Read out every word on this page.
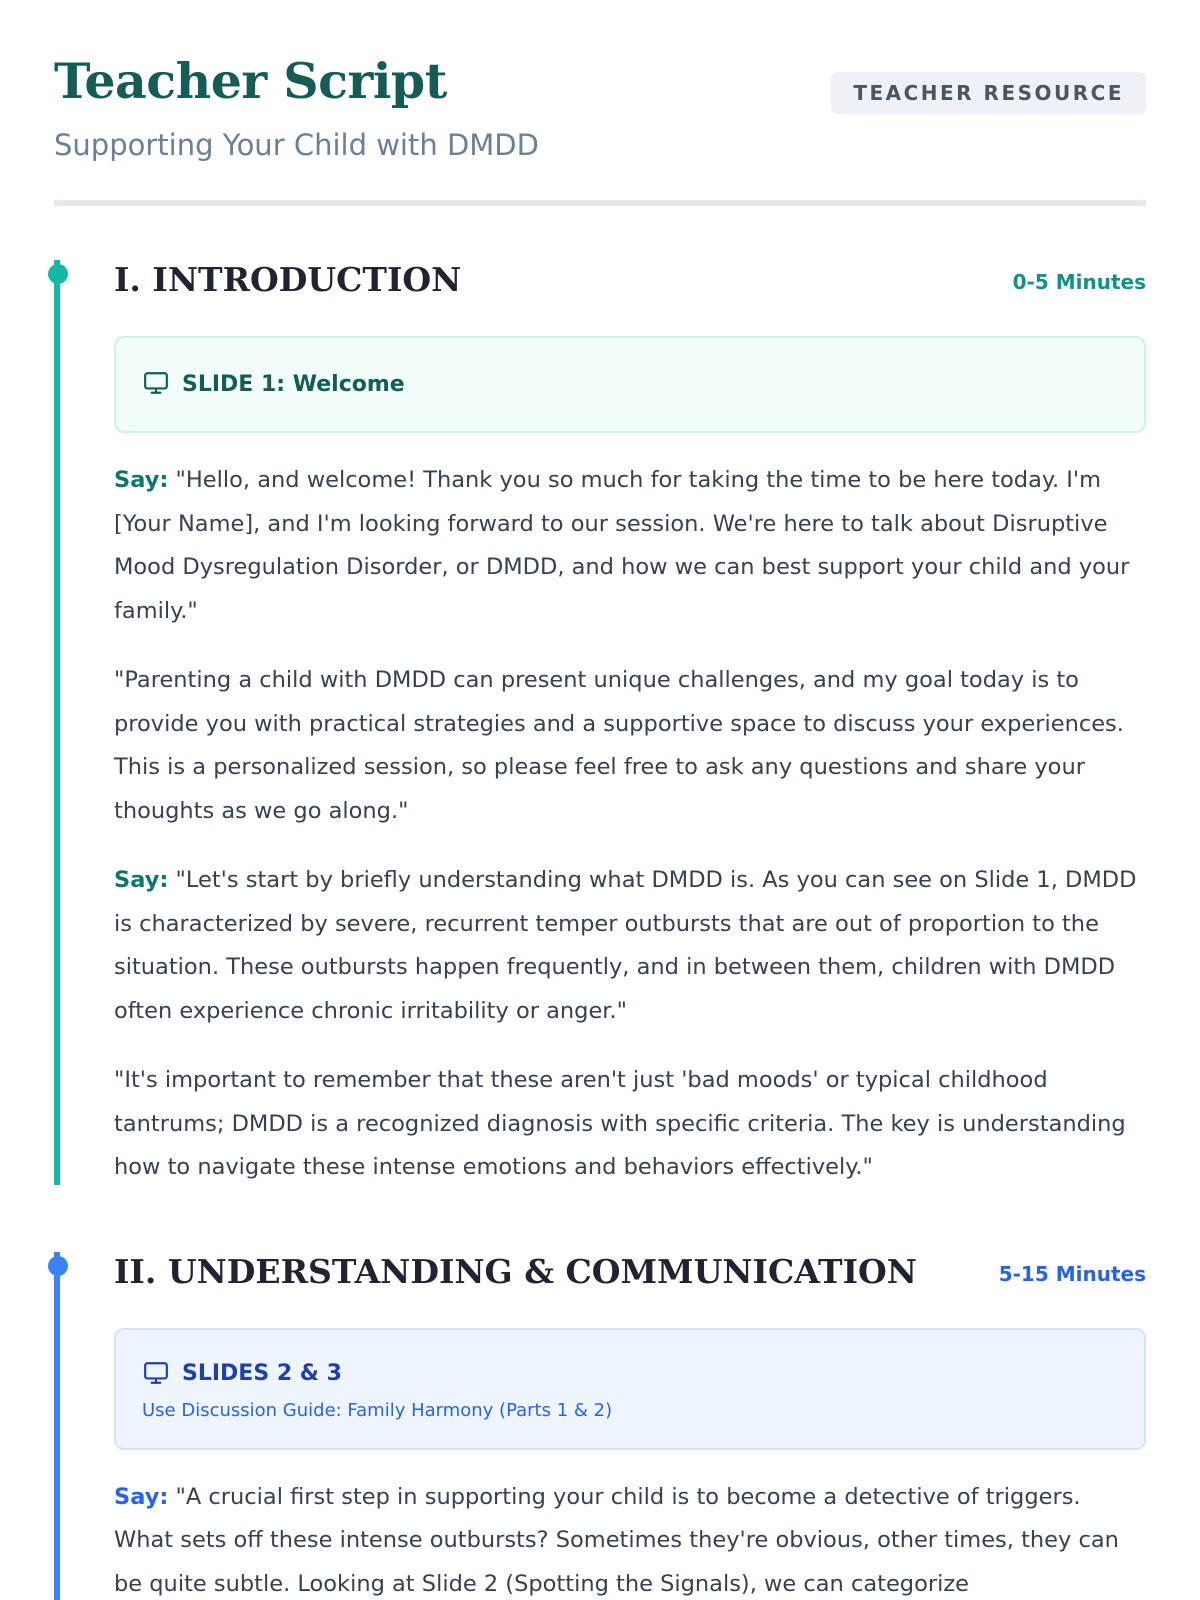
Teacher Script
Supporting Your Child with DMDD
TEACHER RESOURCE
I. INTRODUCTION	0-5 Minutes
SLIDE 1: Welcome

Say: "Hello, and welcome! Thank you so much for taking the time to be here today. I'm [Your Name], and I'm looking forward to our session. We're here to talk about Disruptive Mood Dysregulation Disorder, or DMDD, and how we can best support your child and your family."

"Parenting a child with DMDD can present unique challenges, and my goal today is to provide you with practical strategies and a supportive space to discuss your experiences. This is a personalized session, so please feel free to ask any questions and share your thoughts as we go along."

Say: "Let's start by briefly understanding what DMDD is. As you can see on Slide 1, DMDD is characterized by severe, recurrent temper outbursts that are out of proportion to the situation. These outbursts happen frequently, and in between them, children with DMDD often experience chronic irritability or anger."

"It's important to remember that these aren't just 'bad moods' or typical childhood tantrums; DMDD is a recognized diagnosis with specific criteria. The key is understanding how to navigate these intense emotions and behaviors effectively."

II. UNDERSTANDING & COMMUNICATION	5-15 Minutes
SLIDES 2 & 3
Use Discussion Guide: Family Harmony (Parts 1 & 2)

Say: "A crucial first step in supporting your child is to become a detective of triggers. What sets off these intense outbursts? Sometimes they're obvious, other times, they can be quite subtle. Looking at Slide 2 (Spotting the Signals), we can categorize
